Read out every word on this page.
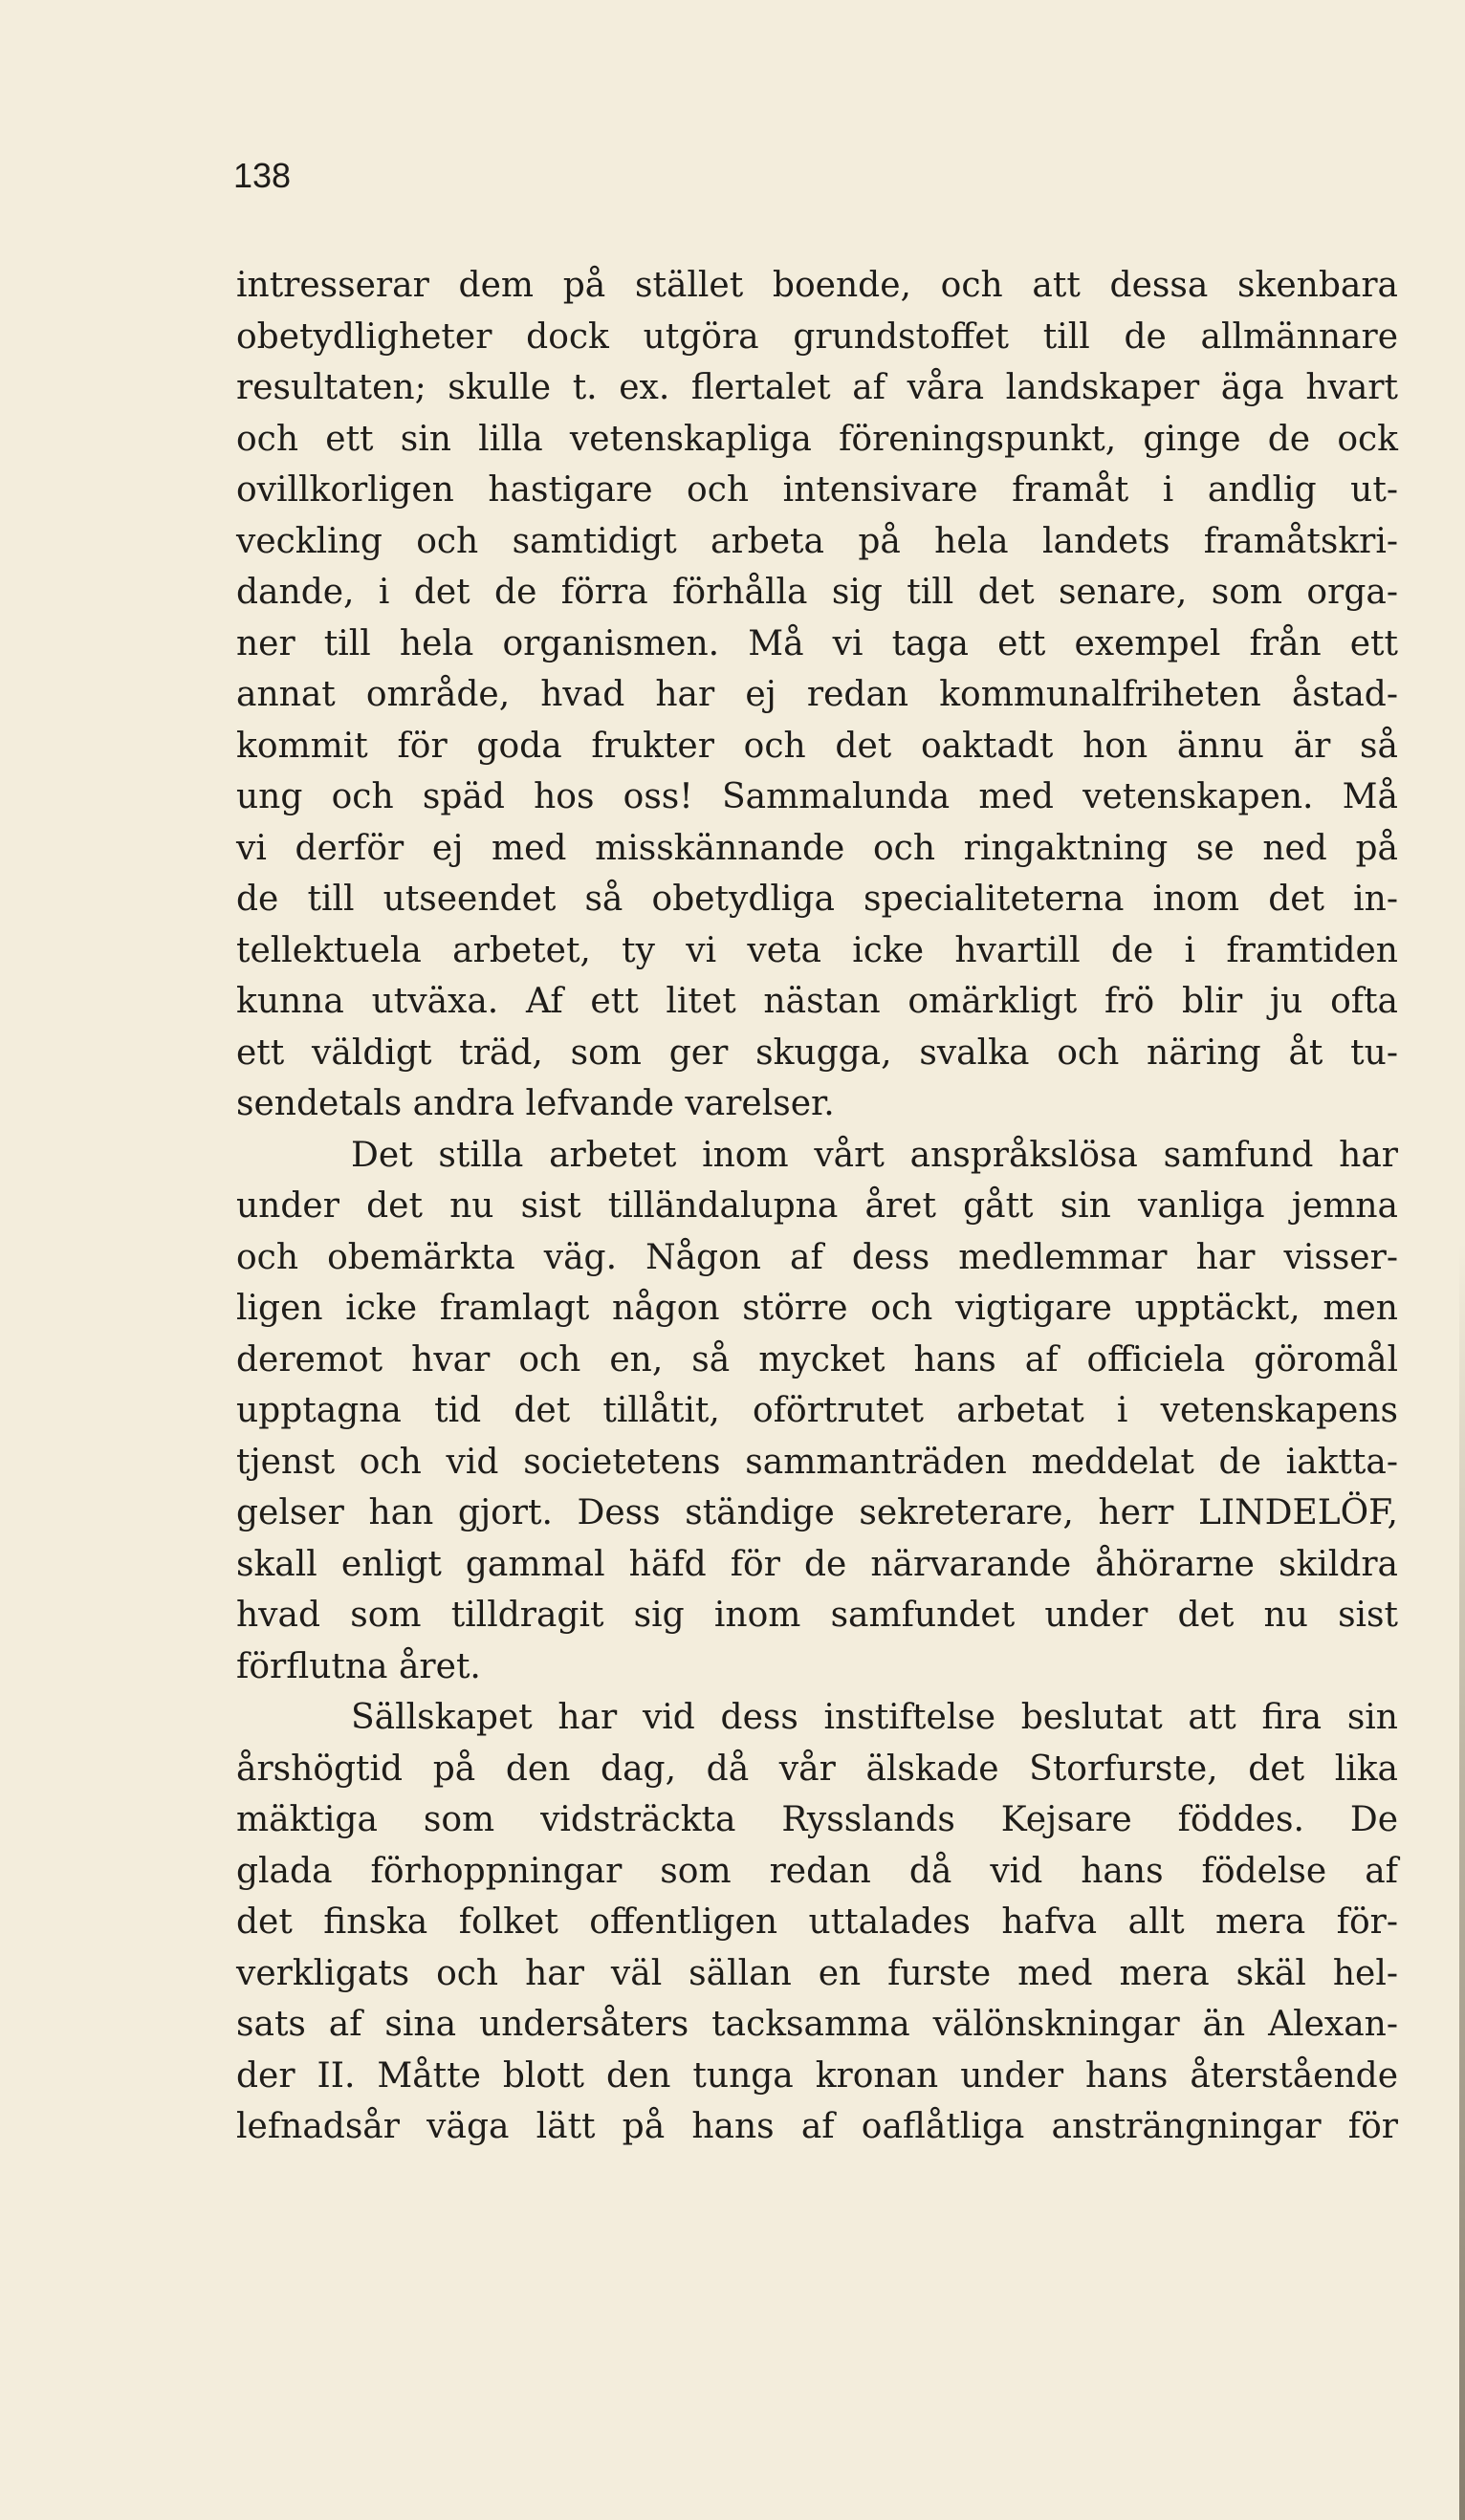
138
intresserar dem på stället boende, och att dessa skenbara
obetydligheter dock utgöra grundstoffet till de allmännare
resultaten; skulle t. ex. flertalet af våra landskaper äga hvart
och ett sin lilla vetenskapliga föreningspunkt, ginge de ock
ovillkorligen hastigare och intensivare framåt i andlig ut-
veckling och samtidigt arbeta på hela landets framåtskri-
dande, i det de förra förhålla sig till det senare, som orga-
ner till hela organismen. Må vi taga ett exempel från ett
annat område, hvad har ej redan kommunalfriheten åstad-
kommit för goda frukter och det oaktadt hon ännu är så
ung och späd hos oss! Sammalunda med vetenskapen. Må
vi derför ej med misskännande och ringaktning se ned på
de till utseendet så obetydliga specialiteterna inom det in-
tellektuela arbetet, ty vi veta icke hvartill de i framtiden
kunna utväxa. Af ett litet nästan omärkligt frö blir ju ofta
ett väldigt träd, som ger skugga, svalka och näring åt tu-
sendetals andra lefvande varelser.
Det stilla arbetet inom vårt anspråkslösa samfund har
under det nu sist tilländalupna året gått sin vanliga jemna
och obemärkta väg. Någon af dess medlemmar har visser-
ligen icke framlagt någon större och vigtigare upptäckt, men
deremot hvar och en, så mycket hans af officiela göromål
upptagna tid det tillåtit, oförtrutet arbetat i vetenskapens
tjenst och vid societetens sammanträden meddelat de iaktta-
gelser han gjort. Dess ständige sekreterare, herr LINDELÖF,
skall enligt gammal häfd för de närvarande åhörarne skildra
hvad som tilldragit sig inom samfundet under det nu sist
förflutna året.
Sällskapet har vid dess instiftelse beslutat att fira sin
årshögtid på den dag, då vår älskade Storfurste, det lika
mäktiga som vidsträckta Rysslands Kejsare föddes. De
glada förhoppningar som redan då vid hans födelse af
det finska folket offentligen uttalades hafva allt mera för-
verkligats och har väl sällan en furste med mera skäl hel-
sats af sina undersåters tacksamma välönskningar än Alexan-
der II. Måtte blott den tunga kronan under hans återstående
lefnadsår väga lätt på hans af oaflåtliga ansträngningar för
